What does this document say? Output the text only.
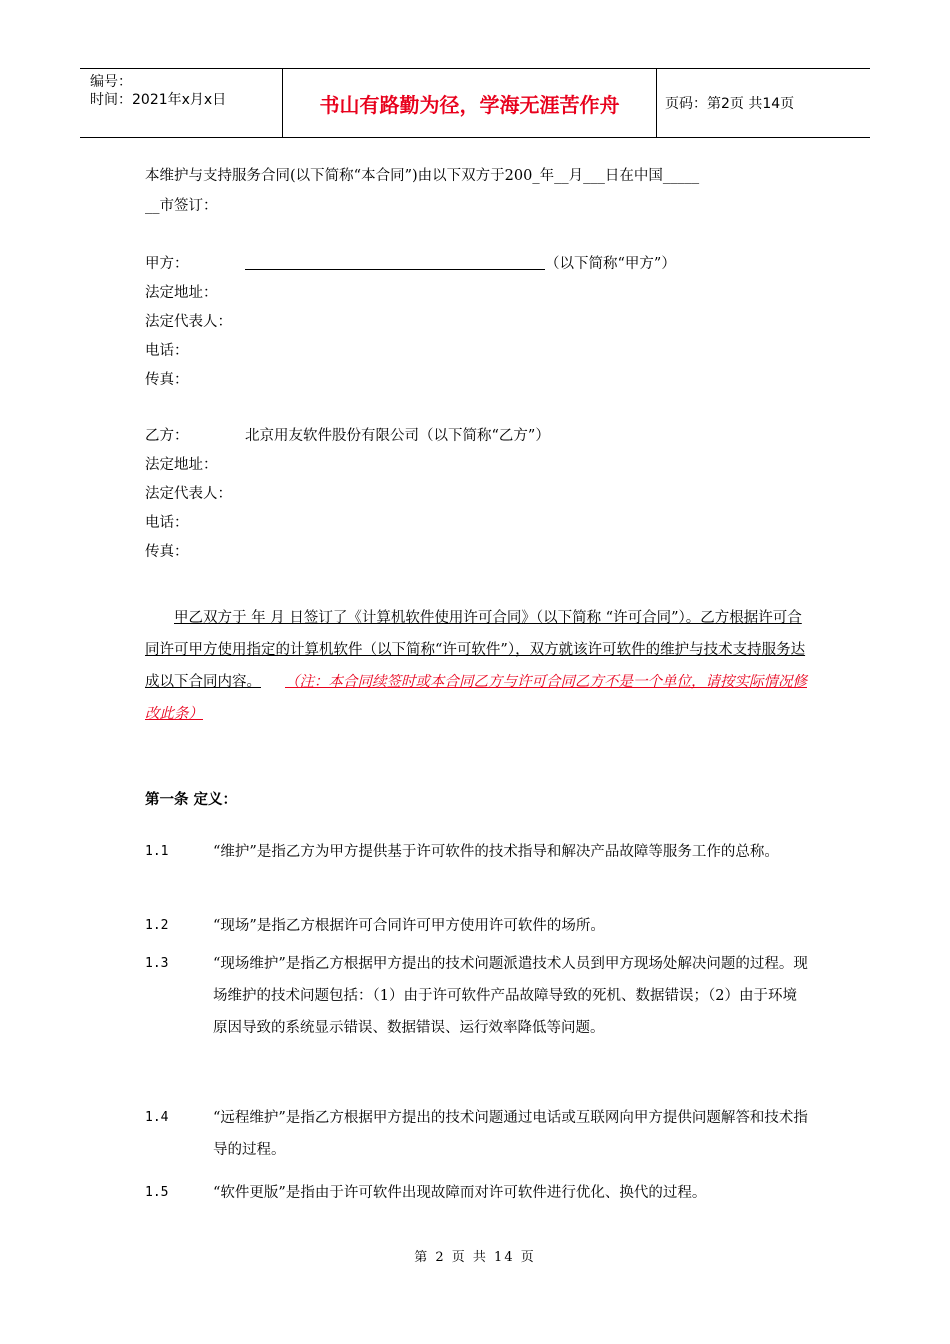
编号：
时间：2021年x月x日	书山有路勤为径，学海无涯苦作舟	页码：第2页 共14页
本维护与支持服务合同(以下简称“本合同”)由以下双方于200_年__月___日在中国_____
__市签订：
甲方：	（以下简称“甲方”）
法定地址：
法定代表人：
电话：
传真：
乙方：	北京用友软件股份有限公司（以下简称“乙方”）
法定地址：
法定代表人：
电话：
传真：
甲乙双方于 年 月 日签订了《计算机软件使用许可合同》（以下简称 “许可合同”）。乙方根据许可合同许可甲方使用指定的计算机软件（以下简称“许可软件”），双方就该许可软件的维护与技术支持服务达成以下合同内容。 （注：本合同续签时或本合同乙方与许可合同乙方不是一个单位，请按实际情况修改此条）
第一条 定义：
1.1	“维护”是指乙方为甲方提供基于许可软件的技术指导和解决产品故障等服务工作的总称。
1.2	“现场”是指乙方根据许可合同许可甲方使用许可软件的场所。
1.3	“现场维护”是指乙方根据甲方提出的技术问题派遣技术人员到甲方现场处解决问题的过程。现场维护的技术问题包括：（1）由于许可软件产品故障导致的死机、数据错误；（2）由于环境原因导致的系统显示错误、数据错误、运行效率降低等问题。
1.4	“远程维护”是指乙方根据甲方提出的技术问题通过电话或互联网向甲方提供问题解答和技术指导的过程。
1.5	“软件更版”是指由于许可软件出现故障而对许可软件进行优化、换代的过程。
第 2 页 共 14 页
